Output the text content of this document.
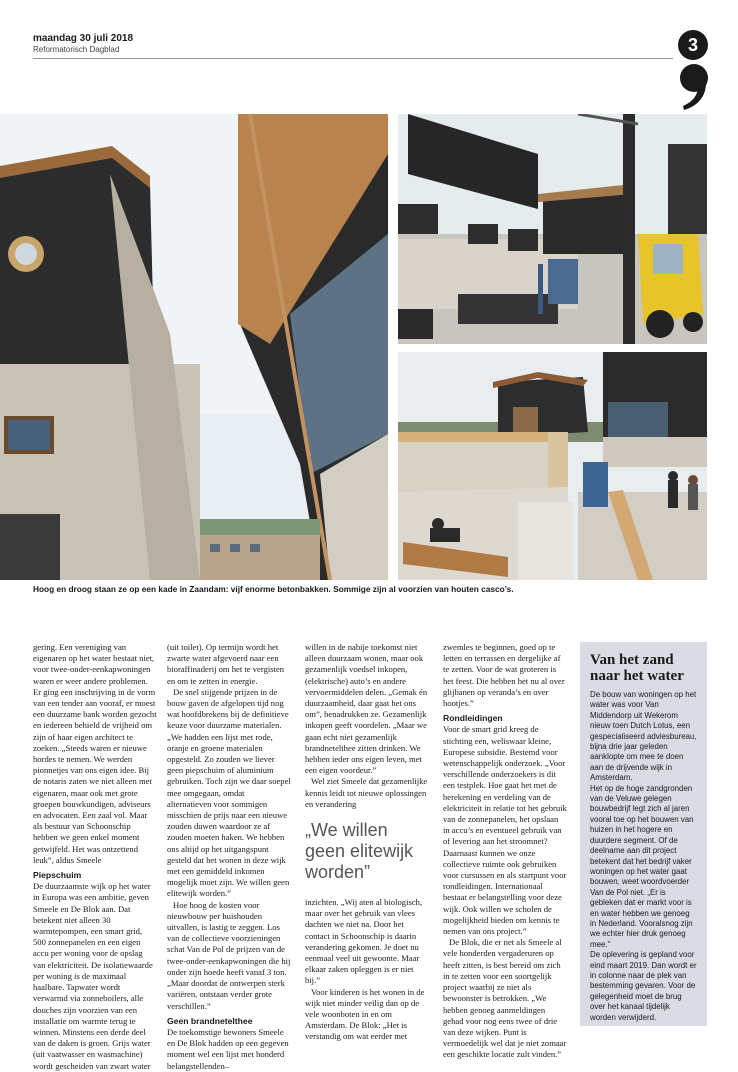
maandag 30 juli 2018
Reformatorisch Dagblad	3
Hoog en droog staan ze op een kade in Zaandam: vijf enorme betonbakken. Sommige zijn al voorzien van houten casco’s.

gering. Een vereniging van eigenaren op het water bestaat niet, voor twee-onder-eenkapwoningen waren er weer andere problemen. Er ging een inschrijving in de vorm van een tender aan vooraf, er moest een duurzame bank worden gezocht en iedereen behield de vrijheid om zijn of haar eigen architect te zoeken. „Steeds waren er nieuwe hordes te nemen. We werden pionnetjes van ons eigen idee. Bij de notaris zaten we niet alleen met eigenaren, maar ook met grote groepen bouwkundigen, adviseurs en advocaten. Een zaal vol. Maar als bestuur van Schoonschip hebben we geen enkel moment getwijfeld. Het was ontzettend leuk”, aldus Smeele

Piepschuim

De duurzaamste wijk op het water in Europa was een ambitie, geven Smeele en De Blok aan. Dat betekent niet alleen 30 warmtepompen, een smart grid, 500 zonnepanelen en een eigen accu per woning voor de opslag van elektriciteit. De isolatiewaarde per woning is de maximaal haalbare. Tapwater wordt verwarmd via zonneboilers, alle douches zijn voorzien van een installatie om warmte terug te winnen. Minstens een derde deel van de daken is groen. Grijs water (uit vaatwasser en wasmachine) wordt gescheiden van zwart water

(uit toilet). Op termijn wordt het zwarte water afgevoerd naar een bioraffinaderij om het te vergisten en om te zetten in energie.

De snel stijgende prijzen in de bouw gaven de afgelopen tijd nog wat hoofdbrekens bij de definitieve keuze voor duurzame materialen. „We hadden een lijst met rode, oranje en groene materialen opgesteld. Zo zouden we liever geen piepschuim of aluminium gebruiken. Toch zijn we daar soepel mee omgegaan, omdat alternatieven voor sommigen misschien de prijs naar een nieuwe zouden duwen waardoor ze af zouden moeten haken. We hebben ons altijd op het uitgangspunt gesteld dat het wonen in deze wijk met een gemiddeld inkomen mogelijk moet zijn. We willen geen elitewijk worden.”

Hoe hoog de kosten voor nieuwbouw per huishouden uitvallen, is lastig te zeggen. Los van de collectieve voorzieningen schat Van de Pol de prijzen van de twee-onder-eenkapwoningen die hij onder zijn hoede heeft vanaf 3 ton. „Maar doordat de ontwerpen sterk variëren, ontstaan verder grote verschillen.”

Geen brandnetelthee

De toekomstige bewoners Smeele en De Blok hadden op een gegeven moment wel een lijst met honderd belangstellenden–

willen in de nabije toekomst niet alleen duurzaam wonen, maar ook gezamenlijk voedsel inkopen, (elektrische) auto’s en andere vervoermiddelen delen. „Gemak én duurzaamheid, daar gaat het ons om”, benadrukken ze. Gezamenlijk inkopen geeft voordelen. „Maar we gaan echt niet gezamenlijk brandnetelthee zitten drinken. We hebben ieder ons eigen leven, met een eigen voordeur.”

Wel ziet Smeele dat gezamenlijke kennis leidt tot nieuwe oplossingen en verandering

„We willen geen elitewijk worden”

inzichten. „Wij aten al biologisch, maar over het gebruik van vlees dachten we niet na. Door het contact in Schoonschip is daarin verandering gekomen. Je doet nu eenmaal veel uit gewoonte. Maar elkaar zaken opleggen is er niet bij.”

Voor kinderen is het wonen in de wijk niet minder veilig dan op de vele woonboten in en om Amsterdam. De Blok: „Het is verstandig om wat eerder met

zwemles te beginnen, goed op te letten en terrassen en dergelijke af te zetten. Voor de wat groteren is het feest. Die hebben het nu al over glijbanen op veranda’s en over hootjes.”

Rondleidingen

Voor de smart grid kreeg de stichting een, weliswaar kleine, Europese subsidie. Bestemd voor wetenschappelijk onderzoek. „Voor verschillende onderzoekers is dit een testplek. Hoe gaat het met de berekening en verdeling van de elektriciteit in relatie tot het gebruik van de zonnepanelen, het opslaan in accu’s en eventueel gebruik van of levering aan het stroomnet? Daarnaast kunnen we onze collectieve ruimte ook gebruiken voor cursussen en als startpunt voor rondleidingen. Internationaal bestaat er belangstelling voor deze wijk. Ook willen we scholen de mogelijkheid bieden om kennis te nemen van ons project.”

De Blok, die er net als Smeele al vele honderden vergaderuren op heeft zitten, is best bereid om zich in te zetten voor een soortgelijk project waarbij ze niet als bewoonster is betrokken. „We hebben genoeg aanmeldingen gehad voor nog eens twee of drie van deze wijken. Punt is vermoedelijk wel dat je niet zomaar een geschikte locatie zult vinden.”

Van het zand naar het water

De bouw van woningen op het water was voor Van Middendorp uit Wekerom nieuw toen Dutch Lotus, een gespecialiseerd adviesbureau, bijna drie jaar geleden aanklopte om mee te doen aan de drijvende wijk in Amsterdam.

Het op de hoge zandgronden van de Veluwe gelegen bouwbedrijf legt zich al jaren vooral toe op het bouwen van huizen in het hogere en duurdere segment. Of de deelname aan dit project betekent dat het bedrijf vaker woningen op het water gaat bouwen, weet woordvoerder Van de Pol niet. „Er is gebleken dat er markt voor is en water hebben we genoeg in Nederland. Vooralsnog zijn we echter hier druk genoeg mee.”

De oplevering is gepland voor eind maart 2019. Dan wordt er in colonne naar de plek van bestemming gevaren. Voor de gelegenheid moet de brug over het kanaal tijdelijk worden verwijderd.
